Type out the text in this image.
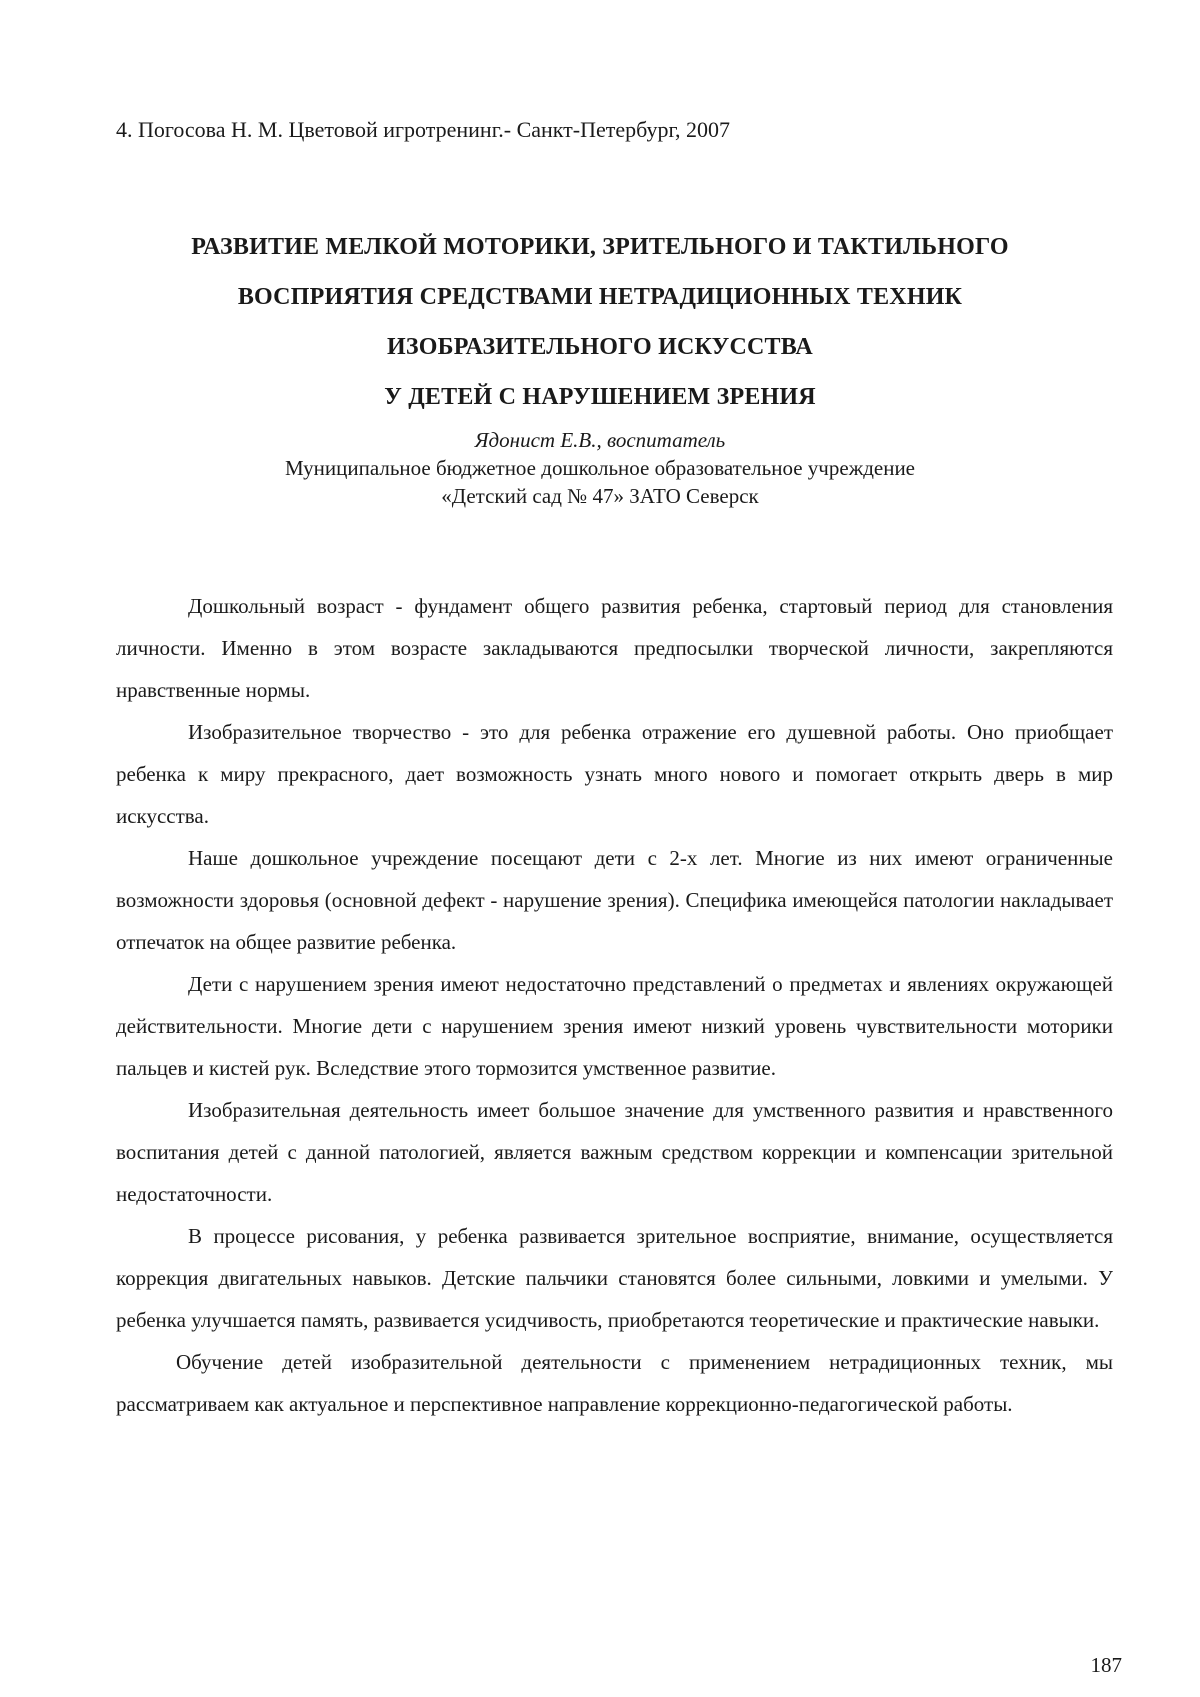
4. Погосова Н. М. Цветовой игротренинг.- Санкт-Петербург, 2007
РАЗВИТИЕ МЕЛКОЙ МОТОРИКИ, ЗРИТЕЛЬНОГО И ТАКТИЛЬНОГО
ВОСПРИЯТИЯ СРЕДСТВАМИ НЕТРАДИЦИОННЫХ ТЕХНИК
ИЗОБРАЗИТЕЛЬНОГО ИСКУССТВА
У ДЕТЕЙ С НАРУШЕНИЕМ ЗРЕНИЯ
Ядонист Е.В., воспитатель
Муниципальное бюджетное дошкольное образовательное учреждение
«Детский сад № 47» ЗАТО Северск

Дошкольный возраст - фундамент общего развития ребенка, стартовый период для становления личности. Именно в этом возрасте закладываются предпосылки творческой личности, закрепляются нравственные нормы.

Изобразительное творчество - это для ребенка отражение его душевной работы. Оно приобщает ребенка к миру прекрасного, дает возможность узнать много нового и помогает открыть дверь в мир искусства.

Наше дошкольное учреждение посещают дети с 2-х лет. Многие из них имеют ограниченные возможности здоровья (основной дефект - нарушение зрения). Специфика имеющейся патологии накладывает отпечаток на общее развитие ребенка.

Дети с нарушением зрения имеют недостаточно представлений о предметах и явлениях окружающей действительности. Многие дети с нарушением зрения имеют низкий уровень чувствительности моторики пальцев и кистей рук. Вследствие этого тормозится умственное развитие.

Изобразительная деятельность имеет большое значение для умственного развития и нравственного воспитания детей с данной патологией, является важным средством коррекции и компенсации зрительной недостаточности.

В процессе рисования, у ребенка развивается зрительное восприятие, внимание, осуществляется коррекция двигательных навыков. Детские пальчики становятся более сильными, ловкими и умелыми. У ребенка улучшается память, развивается усидчивость, приобретаются теоретические и практические навыки.

Обучение детей изобразительной деятельности с применением нетрадиционных техник, мы рассматриваем как актуальное и перспективное направление коррекционно-педагогической работы.

187
